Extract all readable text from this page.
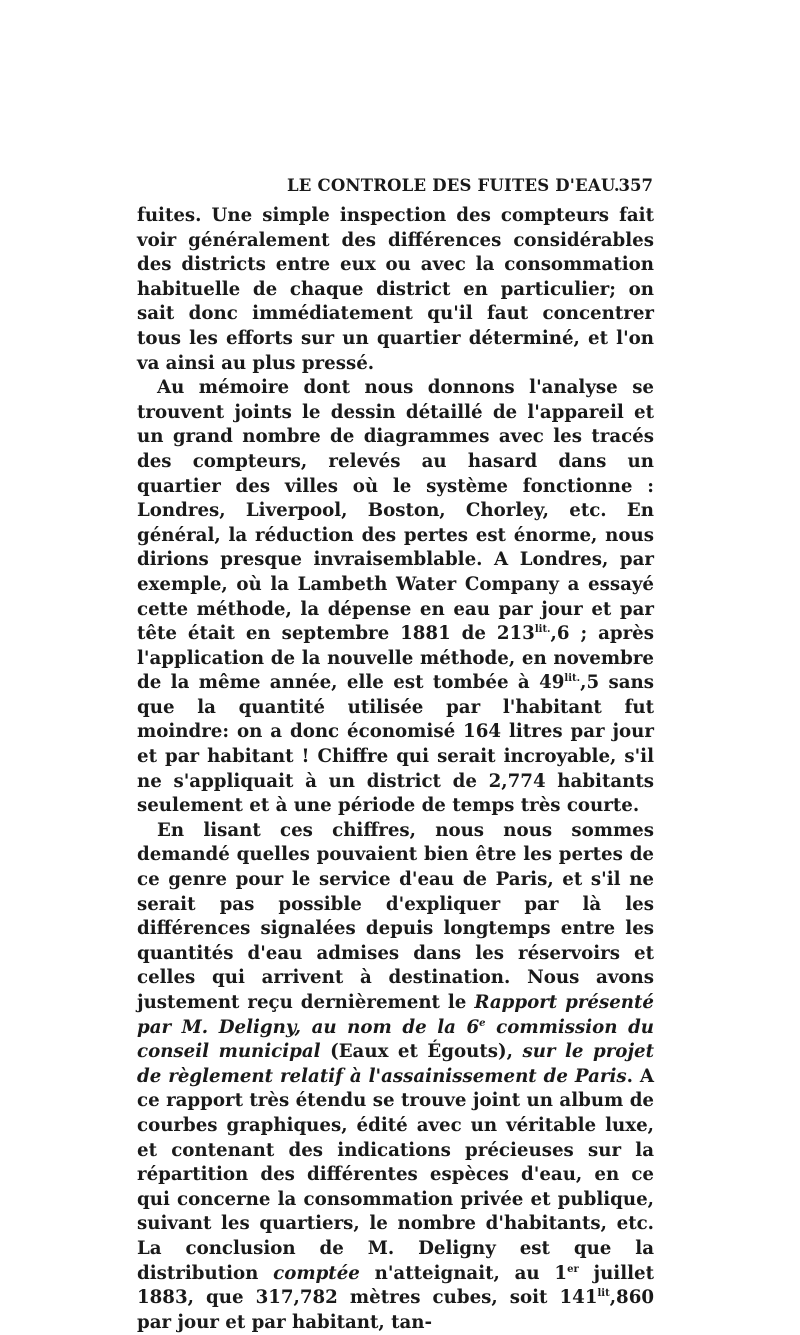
LE CONTROLE DES FUITES D'EAU.
357

fuites. Une simple inspection des compteurs fait voir généralement des différences considérables des districts entre eux ou avec la consommation habituelle de chaque district en particulier; on sait donc immédiatement qu'il faut concentrer tous les efforts sur un quartier déterminé, et l'on va ainsi au plus pressé.

Au mémoire dont nous donnons l'analyse se trouvent joints le dessin détaillé de l'appareil et un grand nombre de diagrammes avec les tracés des compteurs, relevés au hasard dans un quartier des villes où le système fonctionne : Londres, Liverpool, Boston, Chorley, etc. En général, la réduction des pertes est énorme, nous dirions presque invraisemblable. A Londres, par exemple, où la Lambeth Water Company a essayé cette méthode, la dépense en eau par jour et par tête était en septembre 1881 de $213^{lit.},6$ ; après l'application de la nouvelle méthode, en novembre de la même année, elle est tombée à $49^{lit.},5$ sans que la quantité utilisée par l'habitant fut moindre: on a donc économisé 164 litres par jour et par habitant ! Chiffre qui serait incroyable, s'il ne s'appliquait à un district de 2,774 habitants seulement et à une période de temps très courte.

En lisant ces chiffres, nous nous sommes demandé quelles pouvaient bien être les pertes de ce genre pour le service d'eau de Paris, et s'il ne serait pas possible d'expliquer par là les différences signalées depuis longtemps entre les quantités d'eau admises dans les réservoirs et celles qui arrivent à destination. Nous avons justement reçu dernièrement le Rapport présenté par M. Deligny, au nom de la 6e commission du conseil municipal (Eaux et Égouts), sur le projet de règlement relatif à l'assainissement de Paris. A ce rapport très étendu se trouve joint un album de courbes graphiques, édité avec un véritable luxe, et contenant des indications précieuses sur la répartition des différentes espèces d'eau, en ce qui concerne la consommation privée et publique, suivant les quartiers, le nombre d'habitants, etc. La conclusion de M. Deligny est que la distribution comptée n'atteignait, au 1er juillet 1883, que 317,782 mètres cubes, soit $141^{lit},860$ par jour et par habitant, tan-
